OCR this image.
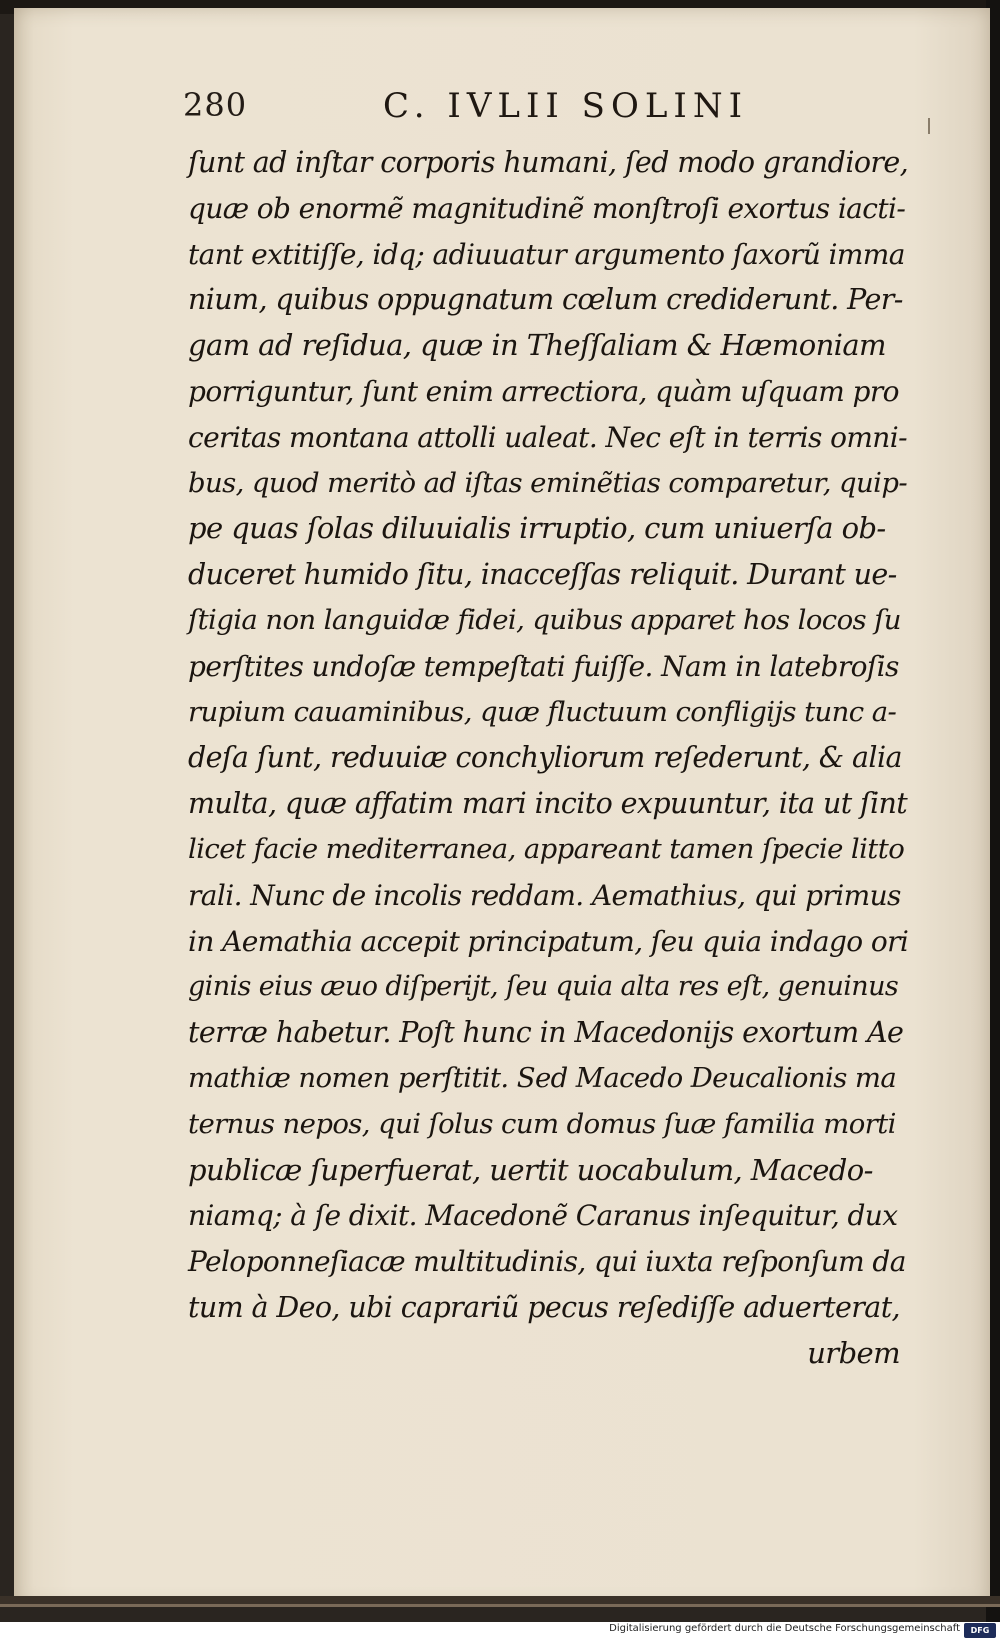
280	C. IVLII SOLINI
ſunt ad inſtar corporis humani, ſed modo grandiore,
quæ ob enormẽ magnitudinẽ monſtroſi exortus iacti-
tant extitiſſe, idq; adiuuatur argumento ſaxorũ imma
nium, quibus oppugnatum cœlum crediderunt. Per-
gam ad reſidua, quæ in Theſſaliam & Hæmoniam
porriguntur, ſunt enim arrectiora, quàm uſquam pro
ceritas montana attolli ualeat. Nec eſt in terris omni-
bus, quod meritò ad iſtas eminẽtias comparetur, quip-
pe quas ſolas diluuialis irruptio, cum uniuerſa ob-
duceret humido ſitu, inacceſſas reliquit. Durant ue-
ſtigia non languidæ fidei, quibus apparet hos locos ſu
perſtites undoſæ tempeſtati fuiſſe. Nam in latebroſis
rupium cauaminibus, quæ fluctuum confligijs tunc a-
deſa ſunt, reduuiæ conchyliorum reſederunt, & alia
multa, quæ affatim mari incito expuuntur, ita ut ſint
licet facie mediterranea, appareant tamen ſpecie litto
rali. Nunc de incolis reddam. Aemathius, qui primus
in Aemathia accepit principatum, ſeu quia indago ori
ginis eius æuo diſperijt, ſeu quia alta res eſt, genuinus
terræ habetur. Poſt hunc in Macedonijs exortum Ae
mathiæ nomen perſtitit. Sed Macedo Deucalionis ma
ternus nepos, qui ſolus cum domus ſuæ familia morti
publicæ ſuperfuerat, uertit uocabulum, Macedo-
niamq; à ſe dixit. Macedonẽ Caranus inſequitur, dux
Peloponneſiacæ multitudinis, qui iuxta reſponſum da
tum à Deo, ubi caprariũ pecus reſediſſe aduerterat,
urbem
Digitalisierung gefördert durch die Deutsche Forschungsgemeinschaft	DFG
